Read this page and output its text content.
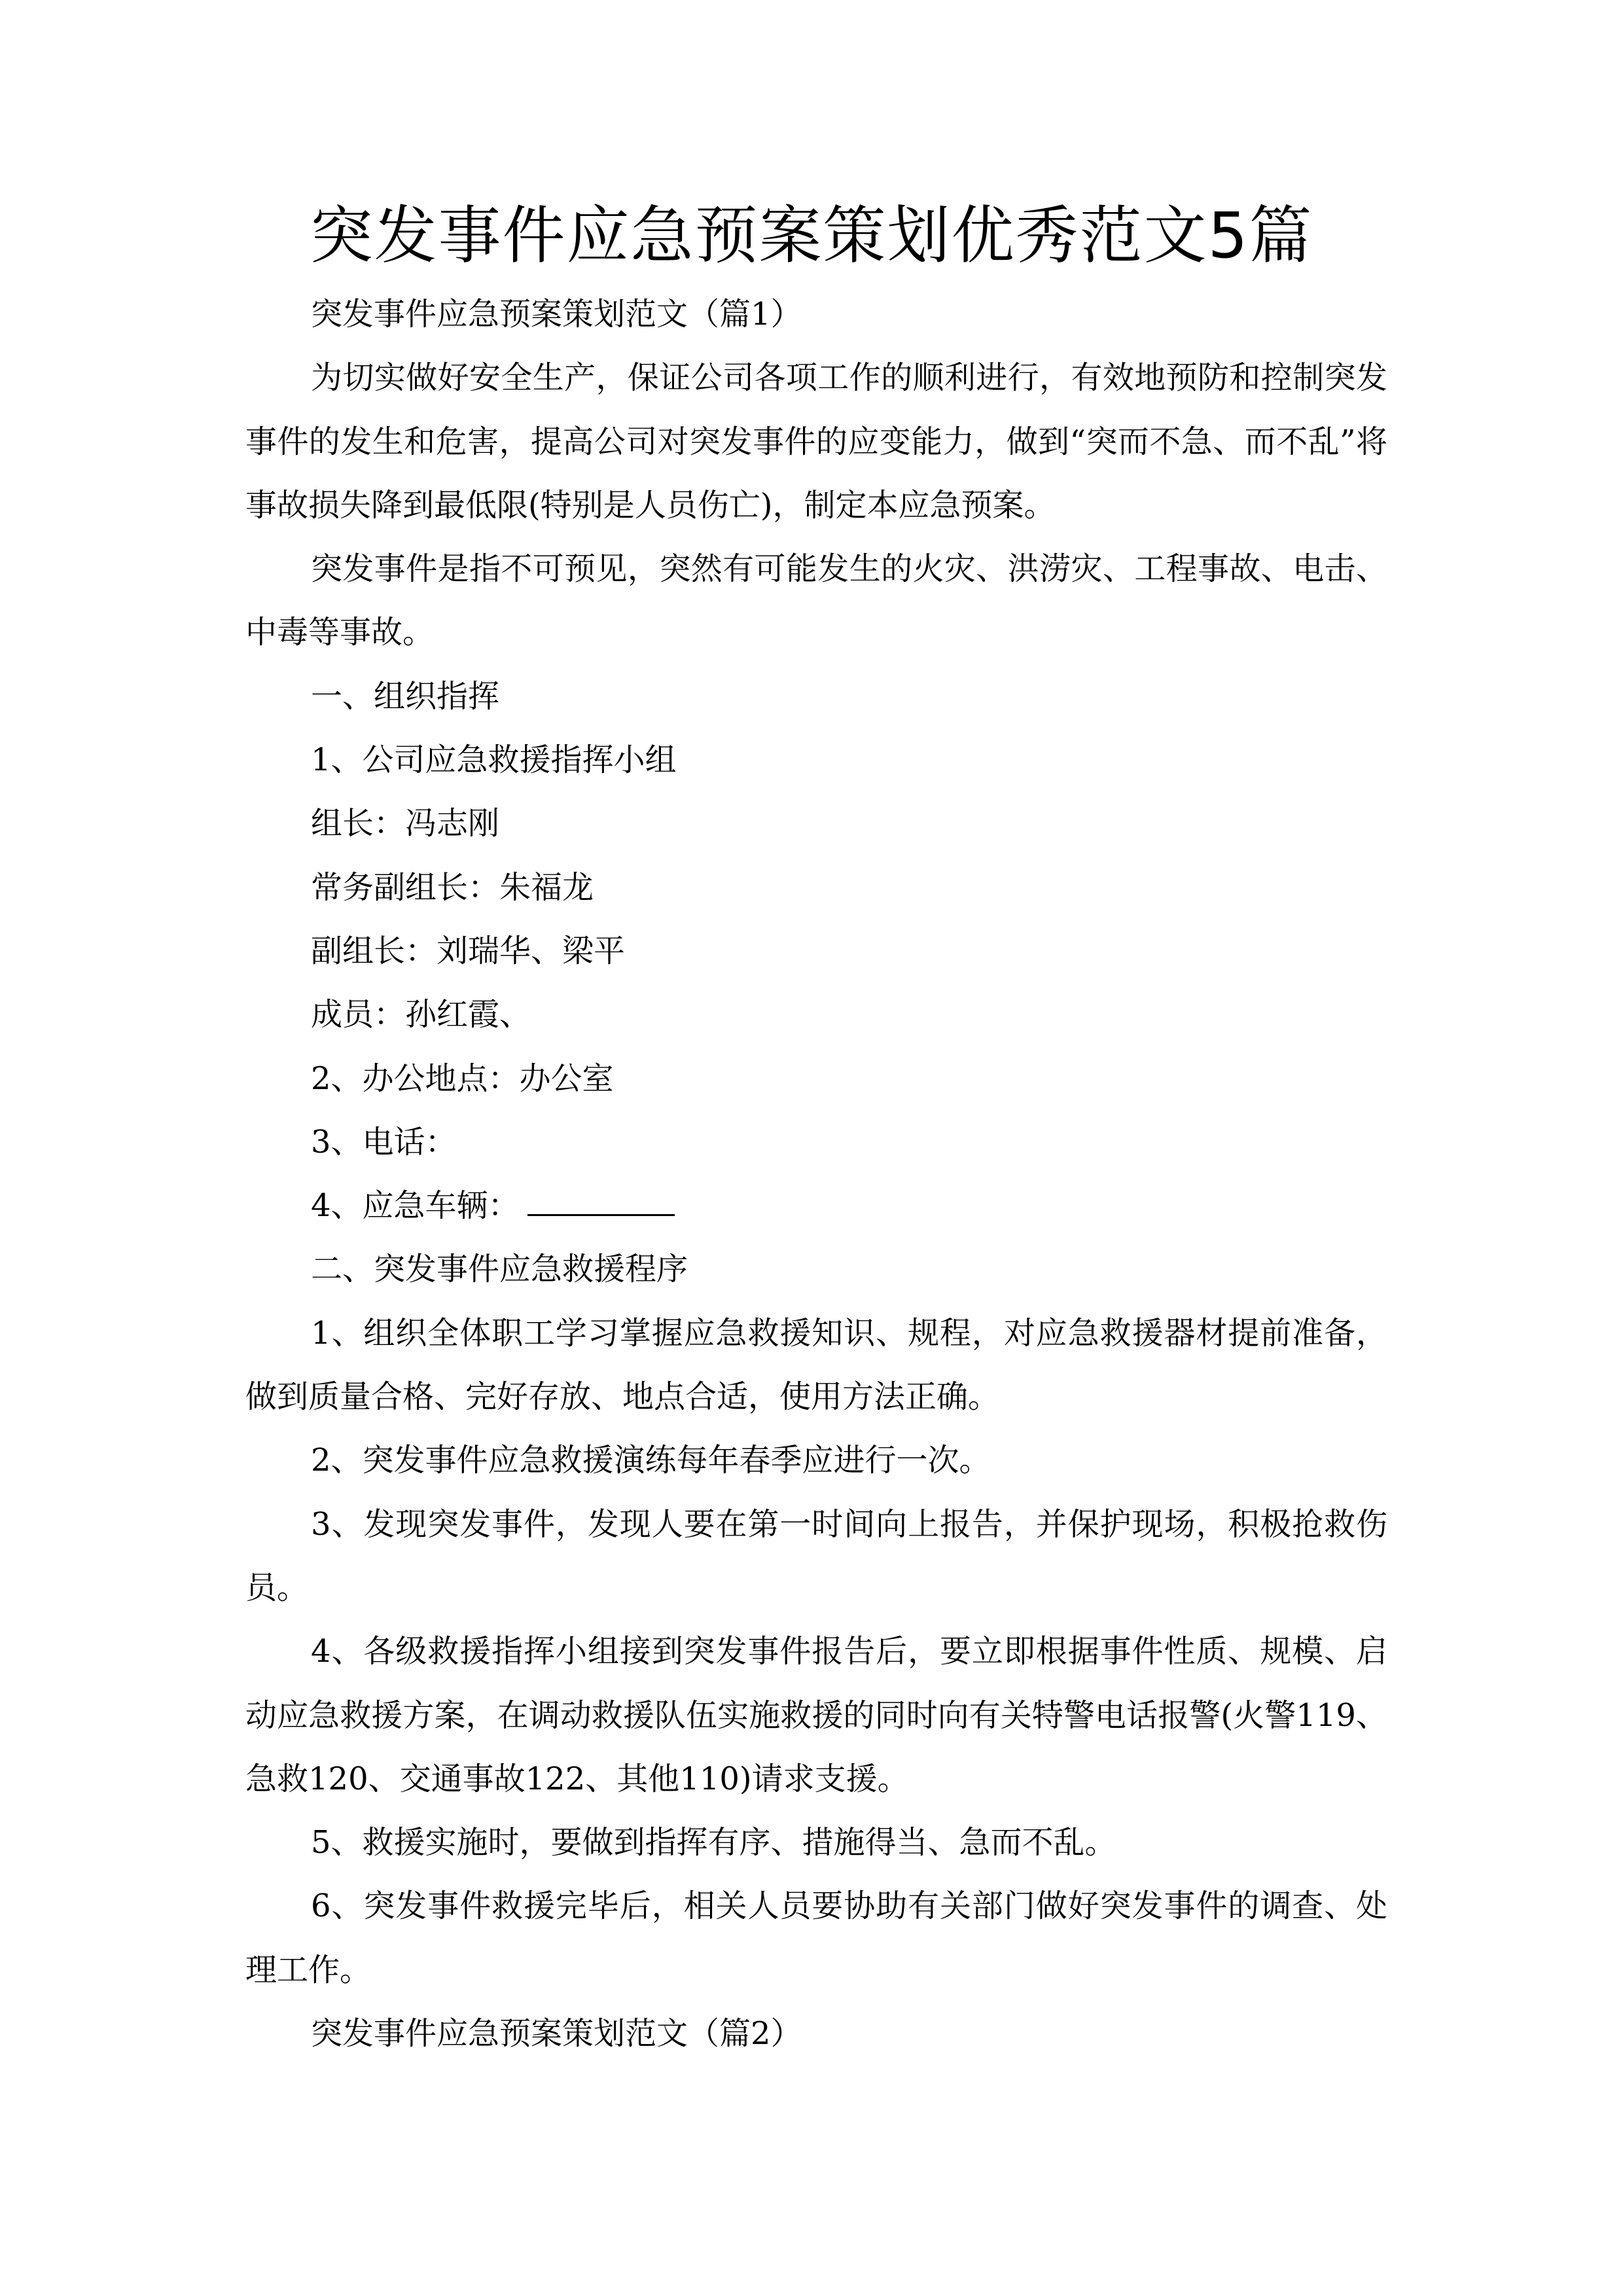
突发事件应急预案策划优秀范文5篇

突发事件应急预案策划范文（篇1）

为切实做好安全生产，保证公司各项工作的顺利进行，有效地预防和控制突发事件的发生和危害，提高公司对突发事件的应变能力，做到“突而不急、而不乱”将事故损失降到最低限(特别是人员伤亡)，制定本应急预案。

突发事件是指不可预见，突然有可能发生的火灾、洪涝灾、工程事故、电击、中毒等事故。

一、组织指挥

1、公司应急救援指挥小组

组长：冯志刚

常务副组长：朱福龙

副组长：刘瑞华、梁平

成员：孙红霞、

2、办公地点：办公室

3、电话：

4、应急车辆：

二、突发事件应急救援程序

1、组织全体职工学习掌握应急救援知识、规程，对应急救援器材提前准备，做到质量合格、完好存放、地点合适，使用方法正确。

2、突发事件应急救援演练每年春季应进行一次。

3、发现突发事件，发现人要在第一时间向上报告，并保护现场，积极抢救伤员。

4、各级救援指挥小组接到突发事件报告后，要立即根据事件性质、规模、启动应急救援方案，在调动救援队伍实施救援的同时向有关特警电话报警(火警119、急救120、交通事故122、其他110)请求支援。

5、救援实施时，要做到指挥有序、措施得当、急而不乱。

6、突发事件救援完毕后，相关人员要协助有关部门做好突发事件的调查、处理工作。

突发事件应急预案策划范文（篇2）
